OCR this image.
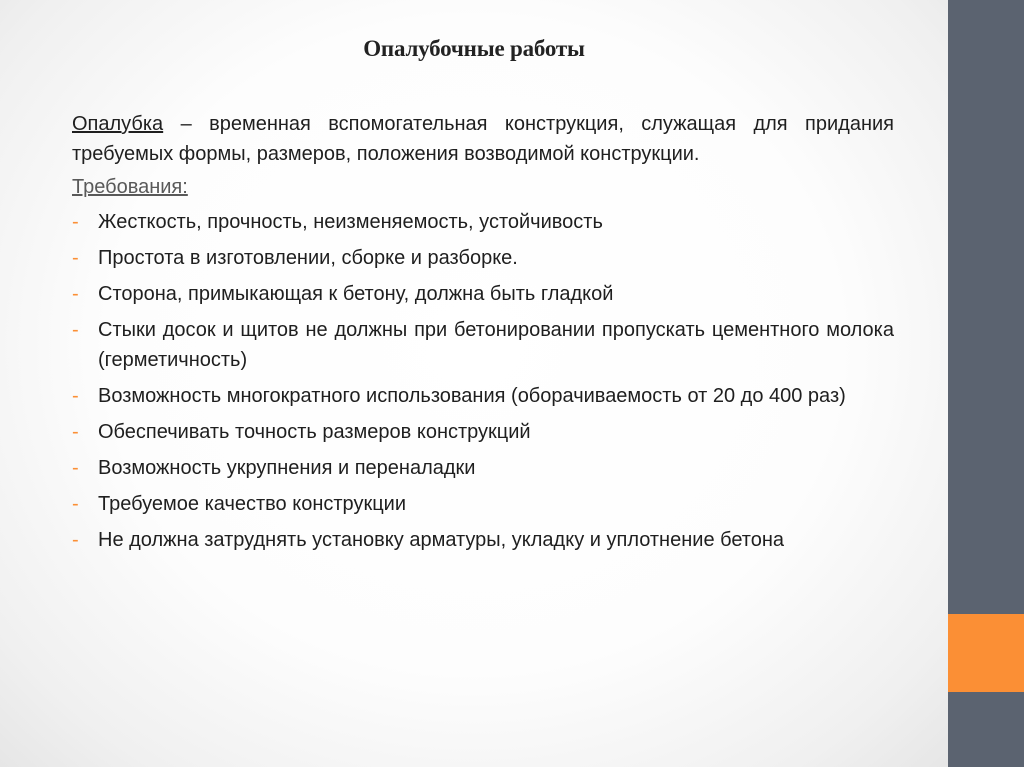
Опалубочные работы

Опалубка – временная вспомогательная конструкция, служащая для придания требуемых формы, размеров, положения возводимой конструкции.

Требования:
- Жесткость, прочность, неизменяемость, устойчивость
- Простота в изготовлении, сборке и разборке.
- Сторона, примыкающая к бетону, должна быть гладкой
- Стыки досок и щитов не должны при бетонировании пропускать цементного молока (герметичность)
- Возможность многократного использования (оборачиваемость от 20 до 400 раз)
- Обеспечивать точность размеров конструкций
- Возможность укрупнения и переналадки
- Требуемое качество конструкции
- Не должна затруднять установку арматуры, укладку и уплотнение бетона
